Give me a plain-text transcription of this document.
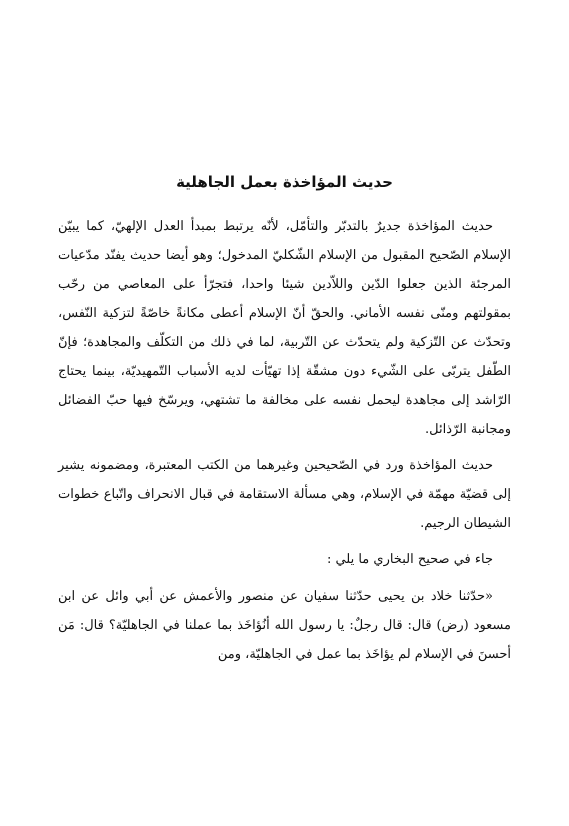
حديث المؤاخذة بعمل الجاهلية

حديث المؤاخذة جديرٌ بالتدبّر والتأمّل، لأنّه يرتبط بمبدأ العدل الإلهيّ، كما يبيّن الإسلام الصّحيح المقبول من الإسلام الشّكليّ المدخول؛ وهو أيضا حديث يفنّد مدّعيات المرجئة الذين جعلوا الدّين واللاّدين شيئا واحدا، فتجرّأ على المعاصي من رحّب بمقولتهم ومنّى نفسه الأماني. والحقّ أنّ الإسلام أعطى مكانةً خاصّةً لتزكية النّفس، وتحدّث عن التّزكية ولم يتحدّث عن التّربية، لما في ذلك من التكلّف والمجاهدة؛ فإنّ الطّفل يتربّى على الشّيء دون مشقّة إذا تهيّأت لديه الأسباب التّمهيديّة، بينما يحتاج الرّاشد إلى مجاهدة ليحمل نفسه على مخالفة ما تشتهي، ويرسّخ فيها حبّ الفضائل ومجانبة الرّذائل.

حديث المؤاخذة ورد في الصّحيحين وغيرهما من الكتب المعتبرة، ومضمونه يشير إلى قضيّة مهمّة في الإسلام، وهي مسألة الاستقامة في قبال الانحراف واتّباع خطوات الشيطان الرجيم.

جاء في صحيح البخاري ما يلي :

«حدّثنا خلاد بن يحيى حدّثنا سفيان عن منصور والأعمش عن أبي وائل عن ابن مسعود (رض) قال: قال رجلٌ: يا رسول الله أنُؤاخَذ بما عملنا في الجاهليّة؟ قال: مَن أحسنَ في الإسلام لم يؤاخَذ بما عمل في الجاهليّة، ومن
